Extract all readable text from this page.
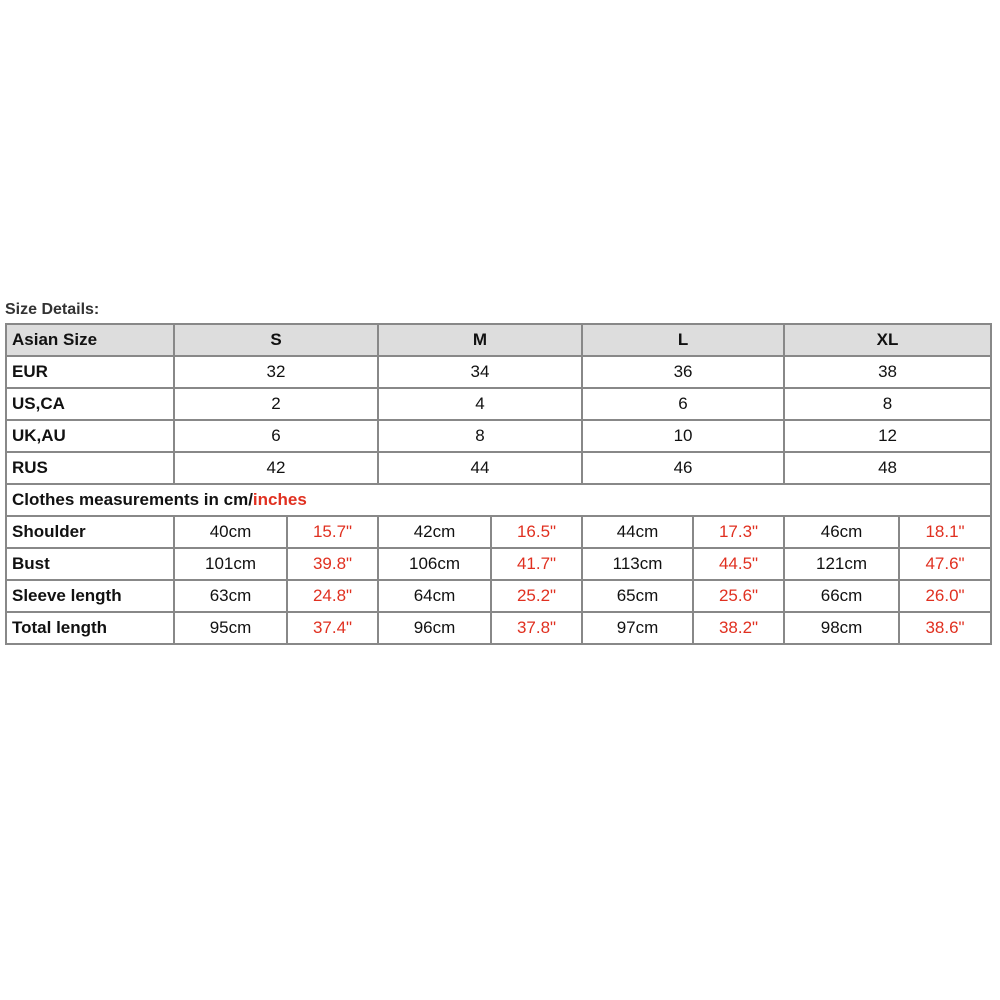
Size Details:
Asian Size	S		M		L		XL	
EUR	32		34		36		38	
US,CA	2		4		6		8	
UK,AU	6		8		10		12	
RUS	42		44		46		48	
Clothes measurements in cm/inches								
Shoulder	40cm	15.7"	42cm	16.5"	44cm	17.3"	46cm	18.1"
Bust	101cm	39.8"	106cm	41.7"	113cm	44.5"	121cm	47.6"
Sleeve length	63cm	24.8"	64cm	25.2"	65cm	25.6"	66cm	26.0"
Total length	95cm	37.4"	96cm	37.8"	97cm	38.2"	98cm	38.6"
